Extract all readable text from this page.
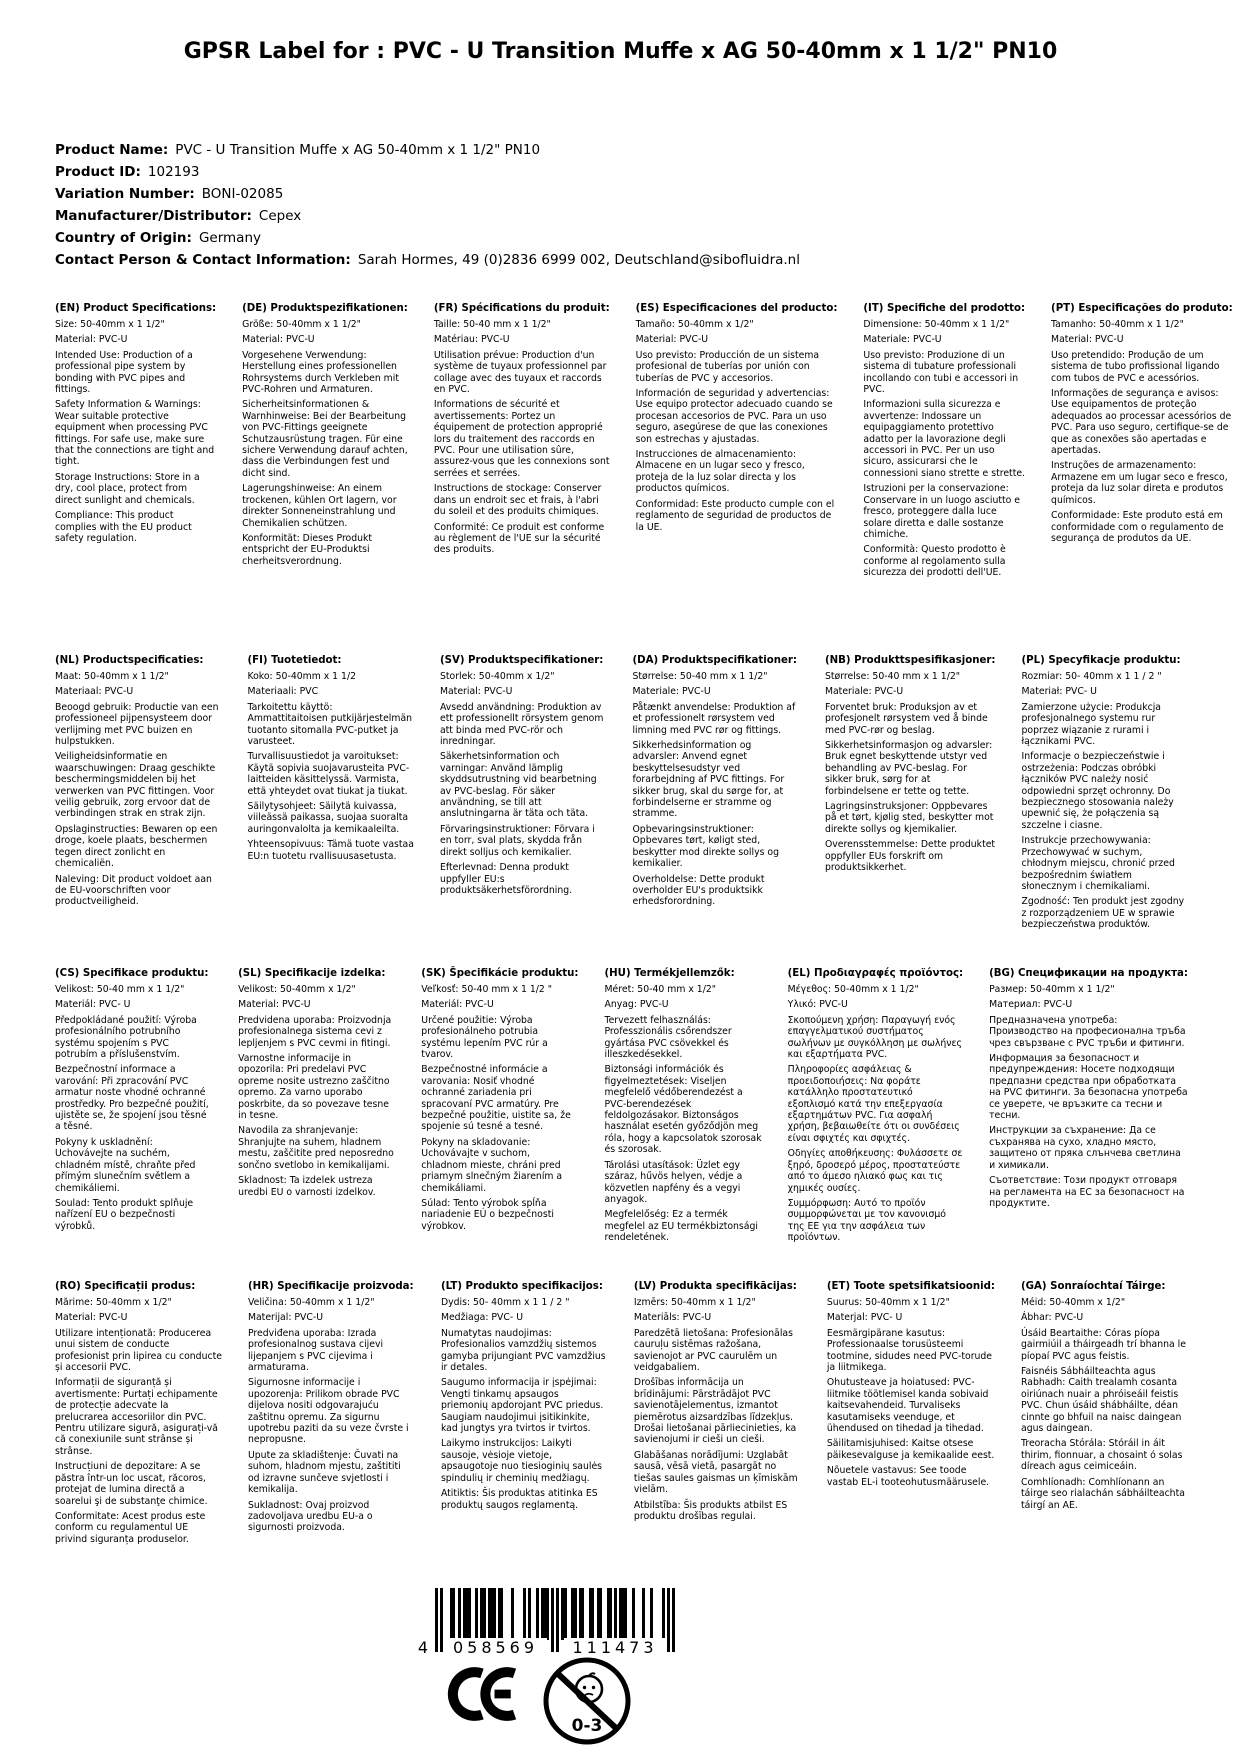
GPSR Label for : PVC - U Transition Muffe x AG 50-40mm x 1 1/2" PN10
Product Name: PVC - U Transition Muffe x AG 50-40mm x 1 1/2" PN10
Product ID: 102193
Variation Number: BONI-02085
Manufacturer/Distributor: Cepex
Country of Origin: Germany
Contact Person & Contact Information: Sarah Hormes, 49 (0)2836 6999 002, Deutschland@sibofluidra.nl
(EN) Product Specifications:
Size: 50-40mm x 1 1/2"
Material: PVC-U
Intended Use: Production of a professional pipe system by bonding with PVC pipes and fittings.
Safety Information & Warnings: Wear suitable protective equipment when processing PVC fittings. For safe use, make sure that the connections are tight and tight.
Storage Instructions: Store in a dry, cool place, protect from direct sunlight and chemicals.
Compliance: This product complies with the EU product safety regulation.
(DE) Produktspezifikationen:
Größe: 50-40mm x 1 1/2"
Material: PVC-U
Vorgesehene Verwendung: Herstellung eines professionellen Rohrsystems durch Verkleben mit PVC-Rohren und Armaturen.
Sicherheitsinformationen & Warnhinweise: Bei der Bearbeitung von PVC-Fittings geeignete Schutzausrüstung tragen. Für eine sichere Verwendung darauf achten, dass die Verbindungen fest und dicht sind.
Lagerungshinweise: An einem trockenen, kühlen Ort lagern, vor direkter Sonneneinstrahlung und Chemikalien schützen.
Konformität: Dieses Produkt entspricht der EU-Produktsi cherheitsverordnung.
(FR) Spécifications du produit:
Taille: 50-40 mm x 1 1/2"
Matériau: PVC-U
Utilisation prévue: Production d'un système de tuyaux professionnel par collage avec des tuyaux et raccords en PVC.
Informations de sécurité et avertissements: Portez un équipement de protection approprié lors du traitement des raccords en PVC. Pour une utilisation sûre, assurez-vous que les connexions sont serrées et serrées.
Instructions de stockage: Conserver dans un endroit sec et frais, à l'abri du soleil et des produits chimiques.
Conformité: Ce produit est conforme au règlement de l'UE sur la sécurité des produits.
(ES) Especificaciones del producto:
Tamaño: 50-40mm x 1/2"
Material: PVC-U
Uso previsto: Producción de un sistema profesional de tuberías por unión con tuberías de PVC y accesorios.
Información de seguridad y advertencias: Use equipo protector adecuado cuando se procesan accesorios de PVC. Para un uso seguro, asegúrese de que las conexiones son estrechas y ajustadas.
Instrucciones de almacenamiento: Almacene en un lugar seco y fresco, proteja de la luz solar directa y los productos químicos.
Conformidad: Este producto cumple con el reglamento de seguridad de productos de la UE.
(IT) Specifiche del prodotto:
Dimensione: 50-40mm x 1 1/2"
Materiale: PVC-U
Uso previsto: Produzione di un sistema di tubature professionali incollando con tubi e accessori in PVC.
Informazioni sulla sicurezza e avvertenze: Indossare un equipaggiamento protettivo adatto per la lavorazione degli accessori in PVC. Per un uso sicuro, assicurarsi che le connessioni siano strette e strette.
Istruzioni per la conservazione: Conservare in un luogo asciutto e fresco, proteggere dalla luce solare diretta e dalle sostanze chimiche.
Conformità: Questo prodotto è conforme al regolamento sulla sicurezza dei prodotti dell'UE.
(PT) Especificações do produto:
Tamanho: 50-40mm x 1 1/2"
Material: PVC-U
Uso pretendido: Produção de um sistema de tubo profissional ligando com tubos de PVC e acessórios.
Informações de segurança e avisos: Use equipamentos de proteção adequados ao processar acessórios de PVC. Para uso seguro, certifique-se de que as conexões são apertadas e apertadas.
Instruções de armazenamento: Armazene em um lugar seco e fresco, proteja da luz solar direta e produtos químicos.
Conformidade: Este produto está em conformidade com o regulamento de segurança de produtos da UE.
(NL) Productspecificaties:
Maat: 50-40mm x 1 1/2"
Materiaal: PVC-U
Beoogd gebruik: Productie van een professioneel pijpensysteem door verlijming met PVC buizen en hulpstukken.
Veiligheidsinformatie en waarschuwingen: Draag geschikte beschermingsmiddelen bij het verwerken van PVC fittingen. Voor veilig gebruik, zorg ervoor dat de verbindingen strak en strak zijn.
Opslaginstructies: Bewaren op een droge, koele plaats, beschermen tegen direct zonlicht en chemicaliën.
Naleving: Dit product voldoet aan de EU-voorschriften voor productveiligheid.
(FI) Tuotetiedot:
Koko: 50-40mm x 1 1/2
Materiaali: PVC
Tarkoitettu käyttö: Ammattitaitoisen putkijärjestelmän tuotanto sitomalla PVC-putket ja varusteet.
Turvallisuustiedot ja varoitukset: Käytä sopivia suojavarusteita PVC-laitteiden käsittelyssä. Varmista, että yhteydet ovat tiukat ja tiukat.
Säilytysohjeet: Säilytä kuivassa, viileässä paikassa, suojaa suoralta auringonvalolta ja kemikaaleilta.
Yhteensopivuus: Tämä tuote vastaa EU:n tuotetu rvallisuusasetusta.
(SV) Produktspecifikationer:
Storlek: 50-40mm x 1/2"
Material: PVC-U
Avsedd användning: Produktion av ett professionellt rörsystem genom att binda med PVC-rör och inredningar.
Säkerhetsinformation och varningar: Använd lämplig skyddsutrustning vid bearbetning av PVC-beslag. För säker användning, se till att anslutningarna är täta och täta.
Förvaringsinstruktioner: Förvara i en torr, sval plats, skydda från direkt solljus och kemikalier.
Efterlevnad: Denna produkt uppfyller EU:s produktsäkerhetsförordning.
(DA) Produktspecifikationer:
Størrelse: 50-40 mm x 1 1/2"
Materiale: PVC-U
Påtænkt anvendelse: Produktion af et professionelt rørsystem ved limning med PVC rør og fittings.
Sikkerhedsinformation og advarsler: Anvend egnet beskyttelsesudstyr ved forarbejdning af PVC fittings. For sikker brug, skal du sørge for, at forbindelserne er stramme og stramme.
Opbevaringsinstruktioner: Opbevares tørt, køligt sted, beskytter mod direkte sollys og kemikalier.
Overholdelse: Dette produkt overholder EU's produktsikk erhedsforordning.
(NB) Produkttspesifikasjoner:
Størrelse: 50-40 mm x 1 1/2"
Materiale: PVC-U
Forventet bruk: Produksjon av et profesjonelt rørsystem ved å binde med PVC-rør og beslag.
Sikkerhetsinformasjon og advarsler: Bruk egnet beskyttende utstyr ved behandling av PVC-beslag. For sikker bruk, sørg for at forbindelsene er tette og tette.
Lagringsinstruksjoner: Oppbevares på et tørt, kjølig sted, beskytter mot direkte sollys og kjemikalier.
Overensstemmelse: Dette produktet oppfyller EUs forskrift om produktsikkerhet.
(PL) Specyfikacje produktu:
Rozmiar: 50- 40mm x 1 1 / 2 "
Materiał: PVC- U
Zamierzone użycie: Produkcja profesjonalnego systemu rur poprzez wiązanie z rurami i łącznikami PVC.
Informacje o bezpieczeństwie i ostrzeżenia: Podczas obróbki łączników PVC należy nosić odpowiedni sprzęt ochronny. Do bezpiecznego stosowania należy upewnić się, że połączenia są szczelne i ciasne.
Instrukcje przechowywania: Przechowywać w suchym, chłodnym miejscu, chronić przed bezpośrednim światłem słonecznym i chemikaliami.
Zgodność: Ten produkt jest zgodny z rozporządzeniem UE w sprawie bezpieczeństwa produktów.
(CS) Specifikace produktu:
Velikost: 50-40 mm x 1 1/2"
Materiál: PVC- U
Předpokládané použití: Výroba profesionálního potrubního systému spojením s PVC potrubím a příslušenstvím.
Bezpečnostní informace a varování: Při zpracování PVC armatur noste vhodné ochranné prostředky. Pro bezpečné použití, ujistěte se, že spojení jsou těsné a těsné.
Pokyny k uskladnění: Uchovávejte na suchém, chladném místě, chraňte před přímým slunečním světlem a chemikáliemi.
Soulad: Tento produkt splňuje nařízení EU o bezpečnosti výrobků.
(SL) Specifikacije izdelka:
Velikost: 50-40mm x 1/2"
Material: PVC-U
Predvidena uporaba: Proizvodnja profesionalnega sistema cevi z lepljenjem s PVC cevmi in fitingi.
Varnostne informacije in opozorila: Pri predelavi PVC opreme nosite ustrezno zaščitno opremo. Za varno uporabo poskrbite, da so povezave tesne in tesne.
Navodila za shranjevanje: Shranjujte na suhem, hladnem mestu, zaščitite pred neposredno sončno svetlobo in kemikalijami.
Skladnost: Ta izdelek ustreza uredbi EU o varnosti izdelkov.
(SK) Špecifikácie produktu:
Veľkosť: 50-40 mm x 1 1/2 "
Materiál: PVC-U
Určené použitie: Výroba profesionálneho potrubia systému lepením PVC rúr a tvarov.
Bezpečnostné informácie a varovania: Nosiť vhodné ochranné zariadenia pri spracovaní PVC armatúry. Pre bezpečné použitie, uistite sa, že spojenie sú tesné a tesné.
Pokyny na skladovanie: Uchovávajte v suchom, chladnom mieste, chráni pred priamym slnečným žiarením a chemikáliami.
Súlad: Tento výrobok spĺňa nariadenie EÚ o bezpečnosti výrobkov.
(HU) Termékjellemzők:
Méret: 50-40 mm x 1/2"
Anyag: PVC-U
Tervezett felhasználás: Professzionális csőrendszer gyártása PVC csövekkel és illeszkedésekkel.
Biztonsági információk és figyelmeztetések: Viseljen megfelelő védőberendezést a PVC-berendezések feldolgozásakor. Biztonságos használat esetén győződjön meg róla, hogy a kapcsolatok szorosak és szorosak.
Tárolási utasítások: Üzlet egy száraz, hűvös helyen, védje a közvetlen napfény és a vegyi anyagok.
Megfelelőség: Ez a termék megfelel az EU termékbiztonsági rendeletének.
(EL) Προδιαγραφές προϊόντος:
Μέγεθος: 50-40mm x 1 1/2"
Υλικό: PVC-U
Σκοπούμενη χρήση: Παραγωγή ενός επαγγελματικού συστήματος σωλήνων με συγκόλληση με σωλήνες και εξαρτήματα PVC.
Πληροφορίες ασφάλειας & προειδοποιήσεις: Να φοράτε κατάλληλο προστατευτικό εξοπλισμό κατά την επεξεργασία εξαρτημάτων PVC. Για ασφαλή χρήση, βεβαιωθείτε ότι οι συνδέσεις είναι σφιχτές και σφιχτές.
Οδηγίες αποθήκευσης: Φυλάσσετε σε ξηρό, δροσερό μέρος, προστατεύστε από το άμεσο ηλιακό φως και τις χημικές ουσίες.
Συμμόρφωση: Αυτό το προϊόν συμμορφώνεται με τον κανονισμό της ΕΕ για την ασφάλεια των προϊόντων.
(BG) Спецификации на продукта:
Размер: 50-40mm x 1 1/2"
Материал: PVC-U
Предназначена употреба: Производство на професионална тръба чрез свързване с PVC тръби и фитинги.
Информация за безопасност и предупреждения: Носете подходящи предпазни средства при обработката на PVC фитинги. За безопасна употреба се уверете, че връзките са тесни и тесни.
Инструкции за съхранение: Да се съхранява на сухо, хладно място, защитено от пряка слънчева светлина и химикали.
Съответствие: Този продукт отговаря на регламента на ЕС за безопасност на продуктите.
(RO) Specificații produs:
Mărime: 50-40mm x 1/2"
Material: PVC-U
Utilizare intenționată: Producerea unui sistem de conducte profesionist prin lipirea cu conducte și accesorii PVC.
Informații de siguranță și avertismente: Purtați echipamente de protecție adecvate la prelucrarea accesoriilor din PVC. Pentru utilizare sigură, asigurați-vă că conexiunile sunt strânse și strânse.
Instrucțiuni de depozitare: A se păstra într-un loc uscat, răcoros, protejat de lumina directă a soarelui şi de substanţe chimice.
Conformitate: Acest produs este conform cu regulamentul UE privind siguranța produselor.
(HR) Specifikacije proizvoda:
Veličina: 50-40mm x 1 1/2"
Materijal: PVC-U
Predviđena uporaba: Izrada profesionalnog sustava cijevi lijepanjem s PVC cijevima i armaturama.
Sigurnosne informacije i upozorenja: Prilikom obrade PVC dijelova nositi odgovarajuću zaštitnu opremu. Za sigurnu upotrebu paziti da su veze čvrste i nepropusne.
Upute za skladištenje: Čuvati na suhom, hladnom mjestu, zaštititi od izravne sunčeve svjetlosti i kemikalija.
Sukladnost: Ovaj proizvod zadovoljava uredbu EU-a o sigurnosti proizvoda.
(LT) Produkto specifikacijos:
Dydis: 50- 40mm x 1 1 / 2 "
Medžiaga: PVC- U
Numatytas naudojimas: Profesionalios vamzdžių sistemos gamyba prijungiant PVC vamzdžius ir detales.
Saugumo informacija ir įspėjimai: Vengti tinkamų apsaugos priemonių apdorojant PVC priedus. Saugiam naudojimui įsitikinkite, kad jungtys yra tvirtos ir tvirtos.
Laikymo instrukcijos: Laikyti sausoje, vėsioje vietoje, apsaugotoje nuo tiesioginių saulės spindulių ir cheminių medžiagų.
Atitiktis: Šis produktas atitinka ES produktų saugos reglamentą.
(LV) Produkta specifikācijas:
Izmērs: 50-40mm x 1 1/2"
Materiāls: PVC-U
Paredzētā lietošana: Profesionālas cauruļu sistēmas ražošana, savienojot ar PVC caurulēm un veidgabaliem.
Drošības informācija un brīdinājumi: Pārstrādājot PVC savienotājelementus, izmantot piemērotus aizsardzības līdzekļus. Drošai lietošanai pārliecinieties, ka savienojumi ir cieši un cieši.
Glabāšanas norādījumi: Uzglabāt sausā, vēsā vietā, pasargāt no tiešas saules gaismas un ķīmiskām vielām.
Atbilstība: Šis produkts atbilst ES produktu drošības regulai.
(ET) Toote spetsifikatsioonid:
Suurus: 50-40mm x 1 1/2"
Materjal: PVC- U
Eesmärgipärane kasutus: Professionaalse torusüsteemi tootmine, sidudes need PVC-torude ja liitmikega.
Ohutusteave ja hoiatused: PVC-liitmike töötlemisel kanda sobivaid kaitsevahendeid. Turvaliseks kasutamiseks veenduge, et ühendused on tihedad ja tihedad.
Säilitamisjuhised: Kaitse otsese päikesevalguse ja kemikaalide eest.
Nõuetele vastavus: See toode vastab EL-i tooteohutusmäärusele.
(GA) Sonraíochtaí Táirge:
Méid: 50-40mm x 1/2"
Ábhar: PVC-U
Úsáid Beartaithe: Córas píopa gairmiúil a tháirgeadh trí bhanna le píopaí PVC agus feistis.
Faisnéis Sábháilteachta agus Rabhadh: Caith trealamh cosanta oiriúnach nuair a phróiseáil feistis PVC. Chun úsáid shábháilte, déan cinnte go bhfuil na naisc daingean agus daingean.
Treoracha Stórála: Stóráil in áit thirim, fionnuar, a chosaint ó solas díreach agus ceimiceáin.
Comhlíonadh: Comhlíonann an táirge seo rialachán sábháilteachta táirgí an AE.
4	058569	111473
0-3
